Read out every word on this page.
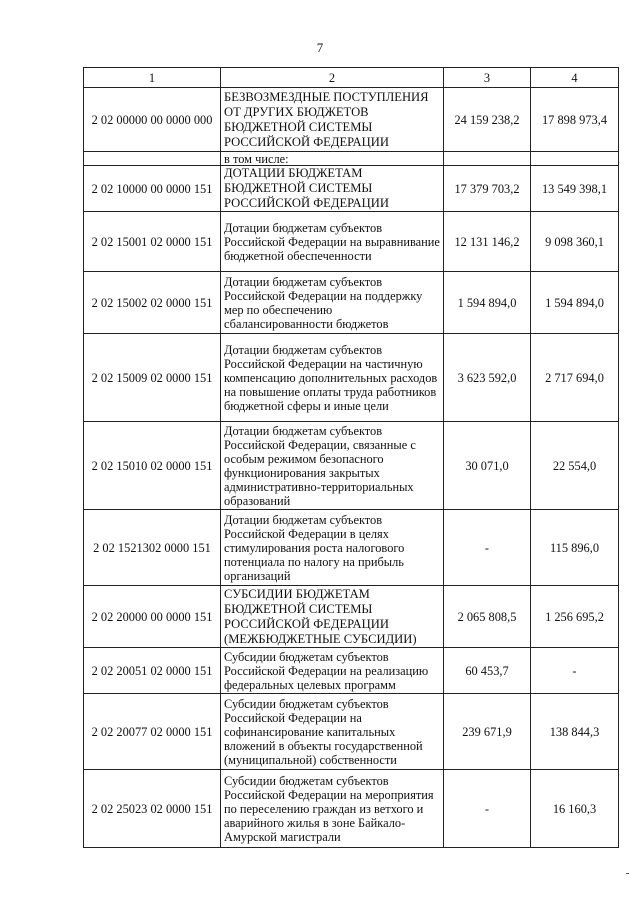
7
1	2	3	4
2 02 00000 00 0000 000	БЕЗВОЗМЕЗДНЫЕ ПОСТУПЛЕНИЯ ОТ ДРУГИХ БЮДЖЕТОВ БЮДЖЕТНОЙ СИСТЕМЫ РОССИЙСКОЙ ФЕДЕРАЦИИ	24 159 238,2	17 898 973,4
	в том числе:		
2 02 10000 00 0000 151	ДОТАЦИИ БЮДЖЕТАМ БЮДЖЕТНОЙ СИСТЕМЫ РОССИЙСКОЙ ФЕДЕРАЦИИ	17 379 703,2	13 549 398,1
2 02 15001 02 0000 151	Дотации бюджетам субъектов Российской Федерации на выравнивание бюджетной обеспеченности	12 131 146,2	9 098 360,1
2 02 15002 02 0000 151	Дотации бюджетам субъектов Российской Федерации на поддержку мер по обеспечению сбалансированности бюджетов	1 594 894,0	1 594 894,0
2 02 15009 02 0000 151	Дотации бюджетам субъектов Российской Федерации на частичную компенсацию дополнительных расходов на повышение оплаты труда работников бюджетной сферы и иные цели	3 623 592,0	2 717 694,0
2 02 15010 02 0000 151	Дотации бюджетам субъектов Российской Федерации, связанные с особым режимом безопасного функционирования закрытых административно-территориальных образований	30 071,0	22 554,0
2 02 1521302 0000 151	Дотации бюджетам субъектов Российской Федерации в целях стимулирования роста налогового потенциала по налогу на прибыль организаций	-	115 896,0
2 02 20000 00 0000 151	СУБСИДИИ БЮДЖЕТАМ БЮДЖЕТНОЙ СИСТЕМЫ РОССИЙСКОЙ ФЕДЕРАЦИИ (МЕЖБЮДЖЕТНЫЕ СУБСИДИИ)	2 065 808,5	1 256 695,2
2 02 20051 02 0000 151	Субсидии бюджетам субъектов Российской Федерации на реализацию федеральных целевых программ	60 453,7	-
2 02 20077 02 0000 151	Субсидии бюджетам субъектов Российской Федерации на софинансирование капитальных вложений в объекты государственной (муниципальной) собственности	239 671,9	138 844,3
2 02 25023 02 0000 151	Субсидии бюджетам субъектов Российской Федерации на мероприятия по переселению граждан из ветхого и аварийного жилья в зоне Байкало-Амурской магистрали	-	16 160,3
